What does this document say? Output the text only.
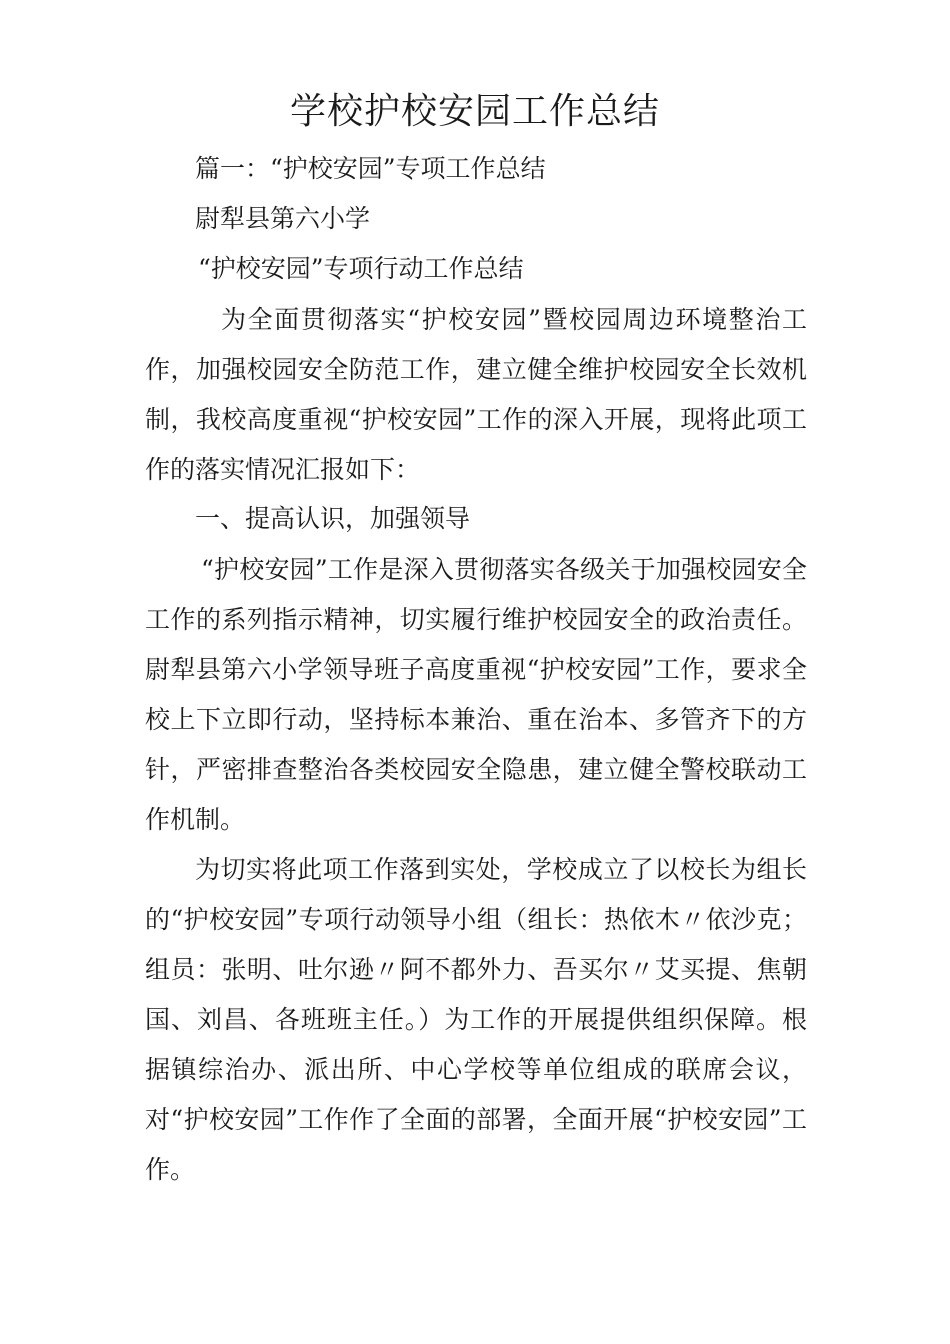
学校护校安园工作总结

篇一：“护校安园”专项工作总结

尉犁县第六小学

“护校安园”专项行动工作总结

为全面贯彻落实“护校安园”暨校园周边环境整治工作，加强校园安全防范工作，建立健全维护校园安全长效机制，我校高度重视“护校安园”工作的深入开展，现将此项工作的落实情况汇报如下：

一、提高认识，加强领导

“护校安园”工作是深入贯彻落实各级关于加强校园安全工作的系列指示精神，切实履行维护校园安全的政治责任。尉犁县第六小学领导班子高度重视“护校安园”工作，要求全校上下立即行动，坚持标本兼治、重在治本、多管齐下的方针，严密排查整治各类校园安全隐患，建立健全警校联动工作机制。

为切实将此项工作落到实处，学校成立了以校长为组长的“护校安园”专项行动领导小组（组长：热依木〃依沙克；组员：张明、吐尔逊〃阿不都外力、吾买尔〃艾买提、焦朝国、刘昌、各班班主任。）为工作的开展提供组织保障。根据镇综治办、派出所、中心学校等单位组成的联席会议，对“护校安园”工作作了全面的部署，全面开展“护校安园”工作。
